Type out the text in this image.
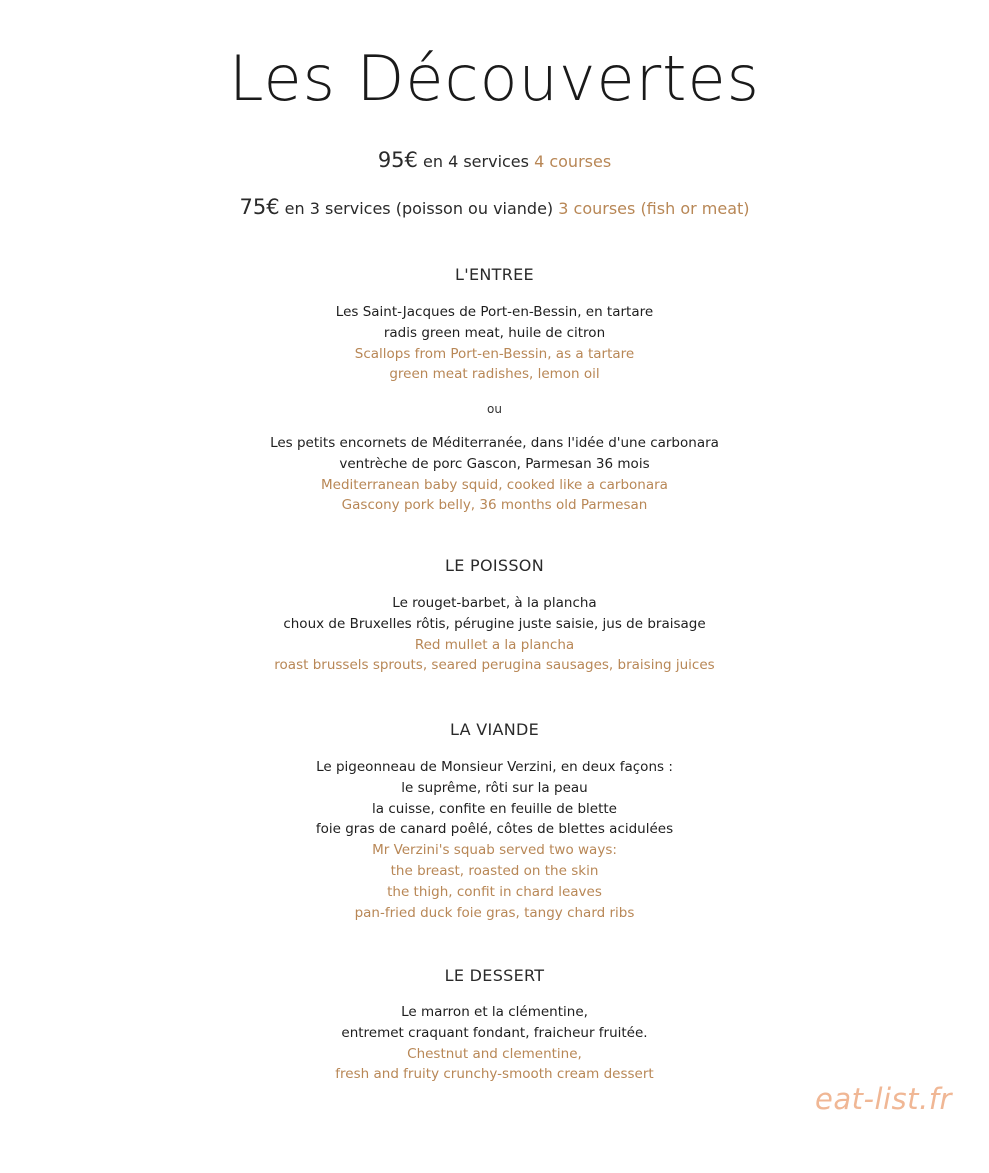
Les Découvertes
95€ en 4 services 4 courses
75€ en 3 services (poisson ou viande) 3 courses (fish or meat)
L'ENTREE
Les Saint-Jacques de Port-en-Bessin, en tartare
radis green meat, huile de citron
Scallops from Port-en-Bessin, as a tartare
green meat radishes, lemon oil
ou
Les petits encornets de Méditerranée, dans l'idée d'une carbonara
ventrèche de porc Gascon, Parmesan 36 mois
Mediterranean baby squid, cooked like a carbonara
Gascony pork belly, 36 months old Parmesan
LE POISSON
Le rouget-barbet, à la plancha
choux de Bruxelles rôtis, pérugine juste saisie, jus de braisage
Red mullet a la plancha
roast brussels sprouts, seared perugina sausages, braising juices
LA VIANDE
Le pigeonneau de Monsieur Verzini, en deux façons :
le suprême, rôti sur la peau
la cuisse, confite en feuille de blette
foie gras de canard poêlé, côtes de blettes acidulées
Mr Verzini's squab served two ways:
the breast, roasted on the skin
the thigh, confit in chard leaves
pan-fried duck foie gras, tangy chard ribs
LE DESSERT
Le marron et la clémentine,
entremet craquant fondant, fraicheur fruitée.
Chestnut and clementine,
fresh and fruity crunchy-smooth cream dessert
eat-list.fr
